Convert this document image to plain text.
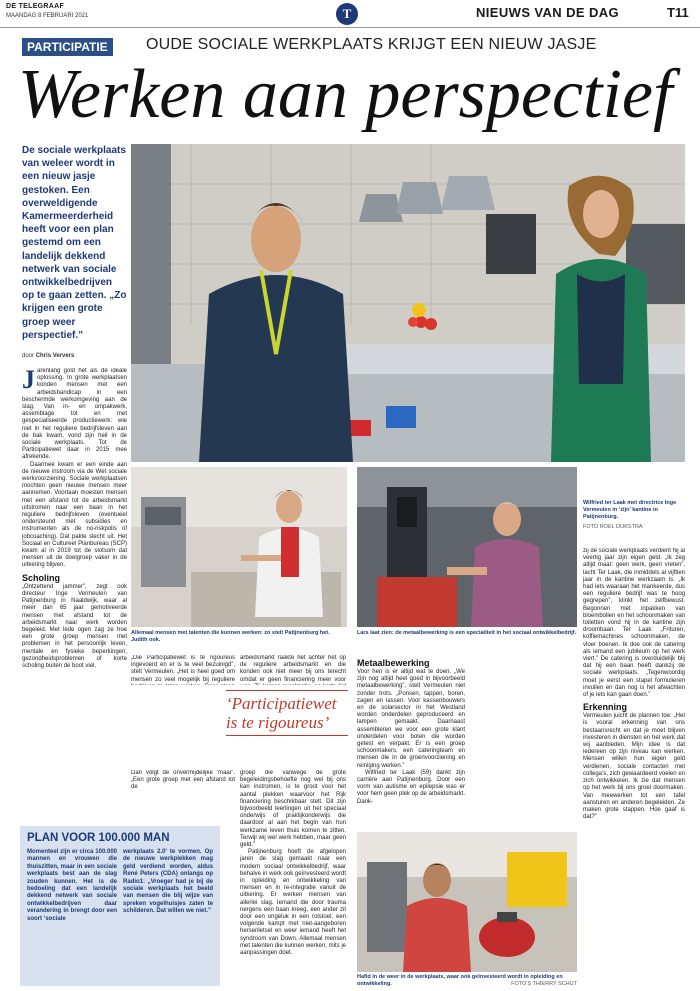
DE TELEGRAAF
MAANDAG 8 FEBRUARI 2021	T	NIEUWS VAN DE DAG	T11
PARTICIPATIE	OUDE SOCIALE WERKPLAATS KRIJGT EEN NIEUW JASJE
Werken aan perspectief
De sociale werkplaats van weleer wordt in een nieuw jasje gestoken. Een overweldigende Kamermeerderheid heeft voor een plan gestemd om een landelijk dekkend netwerk van sociale ontwikkelbedrijven op te gaan zetten. „Zo krijgen een grote groep weer perspectief.”
door Chris Ververs

Jarenlang gold het als dé ideale oplossing. In grote werkplaatsen konden mensen met een arbeidshandicap in een beschermde werkomgeving aan de slag. Van in- en ompakwerk, assemblage tot en met gespecialiseerde productiewerk: wie niet in het reguliere bedrijfsleven aan de bak kwam, vond zijn heil in de sociale werkplaats. Tot de Participatiewet daar in 2015 mee afrekende.

Daarmee kwam er een einde aan de nieuwe instroom via de Wet sociale werkvoorziening. Sociale werkplaatsen mochten geen nieuwe mensen meer aannemen. Voortaan moesten mensen met een afstand tot de arbeidsmarkt uitstromen naar een baan in het reguliere bedrijfsleven (eventueel ondersteund met subsidies en instrumenten als de no-riskpolis of jobcoaching). Dat pakte slecht uit. Het Sociaal en Cultureel Planbureau (SCP) kwam al in 2019 tot de slotsom dat mensen uit de doelgroep vaker in de uitkering blijven.

Scholing

„Ontzettend jammer”, zegt ook directeur Inge Vermeulen van Patijnenburg in Naaldwijk, waar al meer dan 65 jaar gemotiveerde mensen met afstand tot de arbeidsmarkt naar werk worden begeleid. Met lede ogen zag ze hoe een grote groep mensen met problemen in het persoonlijk leven, mentale en fysieke beperkingen, gezondheidsproblemen of korte scholing buiten de boot viel.

Allemaal mensen met talenten die kunnen werken: zo stelt Patijnenburg het. Judith ook.
Lars laat zien: de metaalbewerking is een specialiteit in het sociaal ontwikkelbedrijf.
Wilfried ter Laak met directrice Inge Vermeulen in ‘zijn’ kantine in Patijnenburg.
FOTO ROEL DIJKSTRA

„Die Participatiewet is te rigoureus ingevoerd en er is te veel bezuinigd”, stelt Vermeulen. „Het is heel goed om mensen zo veel mogelijk bij reguliere

‘Participatiewet is te rigoureus’

Dan volgt de onvermijdelijke ‘maar’. „Een grote groep met een afstand tot de

arbeidsmarkt raakte het achter het op de reguliere arbeidsmarkt en die konden ook niet meer bij ons terecht omdat er geen financiering meer voor

groep die vanwege de grote begeleidingsbehoefte nog wel bij ons kan instromen, is te groot voor het aantal plekken waarvoor het Rijk financiering beschikbaar stelt. Dit zijn bijvoorbeeld leerlingen uit het speciaal onderwijs of praktijkonderwijs die daardoor al aan het begin van hun werkzame leven thuis komen te zitten. Terwijl wij wel werk hebben, maar geen geld.”

Patijnenburg hoeft de afgelopen jaren de slag gemaakt naar een modern sociaal ontwikkelbedrijf, waar behalve in werk ook geïnvesteerd wordt in opleiding en ontwikkeling van mensen en in re-integratie vanuit de uitkering. Er werken mensen van allerlei slag. Iemand die door trauma nergens een baan kreeg, een ander zit door een ongeluk in een rolstoel, een volgende kampt met niet-aangeboren hersenletsel en weer iemand heeft het syndroom van Down. Allemaal mensen met talenten die kunnen werken, mits je aanpassingen doet.

Metaalbewerking

Voor hen is er altijd wat te doen. „We zijn nog altijd heel goed in bijvoorbeeld metaalbewerking”, stelt Vermeulen niet zonder trots. „Ponsen, tappen, boren, zagen en lassen. Voor kassenbouwers en de solarsector in het Westland worden onderdelen geproduceerd en lampen gemaakt. Daarnaast assembleren we voor een grote klant onderdelen voor boten die worden getest en verpakt. Er is een groep schoonmakers, een cateringteam en mensen die in de groenvoorziening en reiniging werken.”

Wilfried ter Laak (59) dankt zijn carrière aan Patijnenburg. Door een vorm van autisme en epilepsie was er voor hem geen plek op de arbeidsmarkt. Dank-

Hafid in de weer in de werkplaats, waar ook geïnvesteerd wordt in opleiding en ontwikkeling.	FOTO’S THIERRY SCHUT

zij de sociale werkplaats verdient hij al veertig jaar zijn eigen geld. „Ik zeg altijd maar: geen werk, geen vreten”, lacht Ter Laak, die inmiddels al vijftien jaar in de kantine werkzaam is. „Ik had iets waaraan het mankeerde, dus een reguliere bedrijf was te hoog gegrepen”, klinkt het zelfbewust. Begonnen met inpakken van bloembollen en het schoonmaken van toiletten vond hij in de kantine zijn droombaan. Ter Laak: „Frituren, koffiemachines schoonmaken, de vloer boenen. Ik doe ook de catering als iemand een jubileum op het werk viert.” De catering is overduidelijk blij dat hij een baan heeft dankzij de sociale werkplaats. „Tegenwoordig moet je eerst een stapel formulieren invullen en dan nog is het afwachten of je iets kan gaan doen.”

Erkenning

Vermeulen juicht de plannen toe: „Het is vooral erkenning van ons bestaansrecht en dat je moet blijven investeren in diensten en het werk dat wij aanbieden. Mijn idee is dat iedereen op zijn niveau kan werken. Mensen willen hun eigen geld verdienen, sociale contacten met collega’s, zich gewaardeerd voelen en zich ontwikkelen. Ik zie dat mensen op het werk bij ons groei doormaken. Van meewerken tot een tafel aansturen en anderen begeleiden. Ze maken grote stappen. Hoe gaaf is dat?”

PLAN VOOR 100.000 MAN
Momenteel zijn er circa 100.000 mannen en vrouwen die thuiszitten, maar in een sociale werkplaats best aan de slag zouden kunnen. Het is de bedoeling dat een landelijk dekkend netwerk van sociale ontwikkelbedrijven daar verandering in brengt door een soort ‘sociale
werkplaats 2.0’ te vormen. Op de nieuwe werkplekken mag geld verdiend worden, aldus René Peters (CDA) onlangs op Radio1: „Vroeger had je bij de sociale werkplaats het beeld van mensen die blij wijze van spreken vogelhuisjes zaten te schilderen. Dat willen we niet.”
